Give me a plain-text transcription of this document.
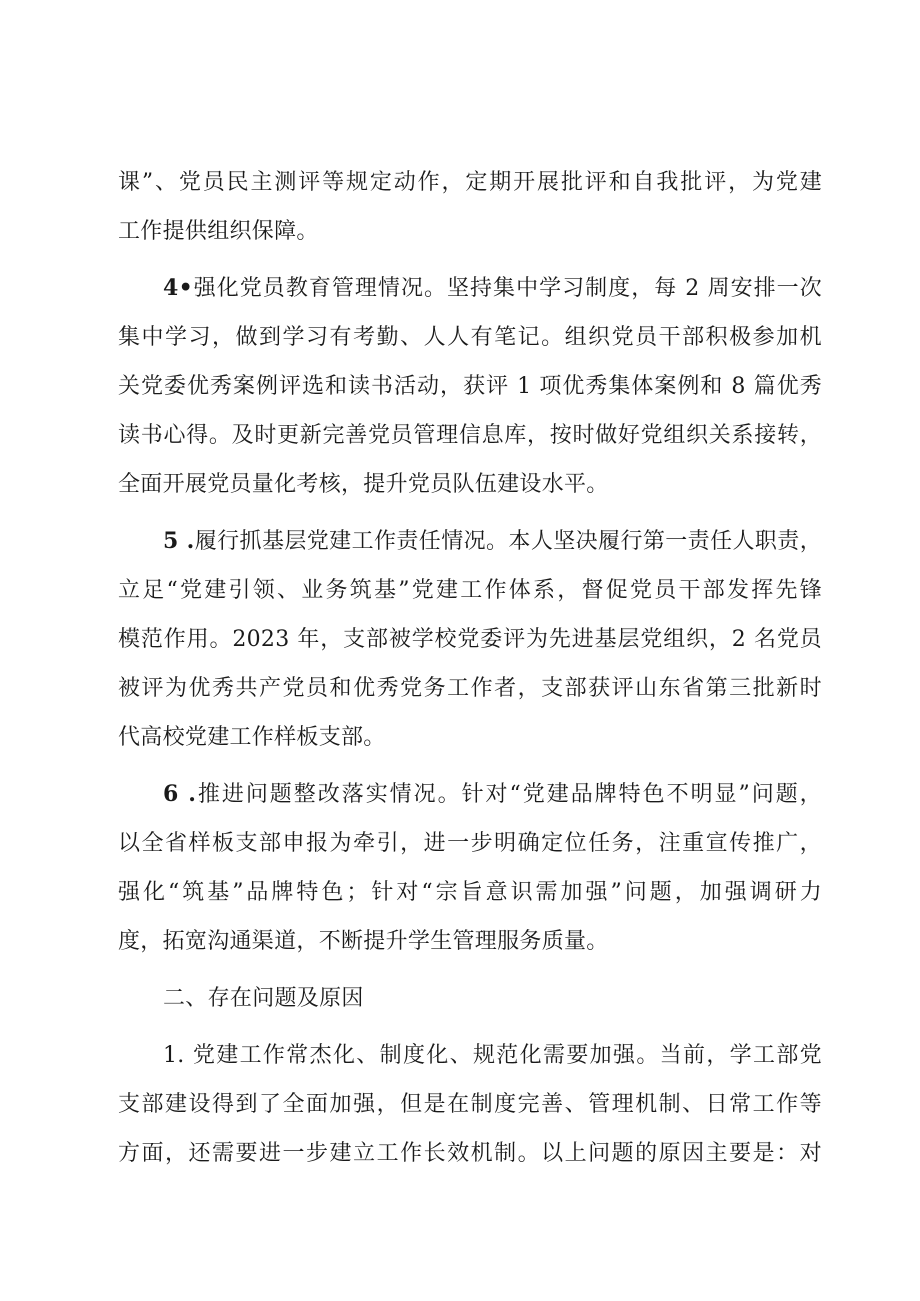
课”、党员民主测评等规定动作，定期开展批评和自我批评，为党建
工作提供组织保障。
4•强化党员教育管理情况。坚持集中学习制度，每 2 周安排一次
集中学习，做到学习有考勤、人人有笔记。组织党员干部积极参加机
关党委优秀案例评选和读书活动，获评 1 项优秀集体案例和 8 篇优秀
读书心得。及时更新完善党员管理信息库，按时做好党组织关系接转，
全面开展党员量化考核，提升党员队伍建设水平。
5 .履行抓基层党建工作责任情况。本人坚决履行第一责任人职责，
立足“党建引领、业务筑基”党建工作体系，督促党员干部发挥先锋
模范作用。2023 年，支部被学校党委评为先进基层党组织，2 名党员
被评为优秀共产党员和优秀党务工作者，支部获评山东省第三批新时
代高校党建工作样板支部。
6 .推进问题整改落实情况。针对“党建品牌特色不明显”问题，
以全省样板支部申报为牵引，进一步明确定位任务，注重宣传推广，
强化“筑基”品牌特色；针对“宗旨意识需加强”问题，加强调研力
度，拓宽沟通渠道，不断提升学生管理服务质量。
二、存在问题及原因
1. 党建工作常杰化、制度化、规范化需要加强。当前，学工部党
支部建设得到了全面加强，但是在制度完善、管理机制、日常工作等
方面，还需要进一步建立工作长效机制。以上问题的原因主要是：对
